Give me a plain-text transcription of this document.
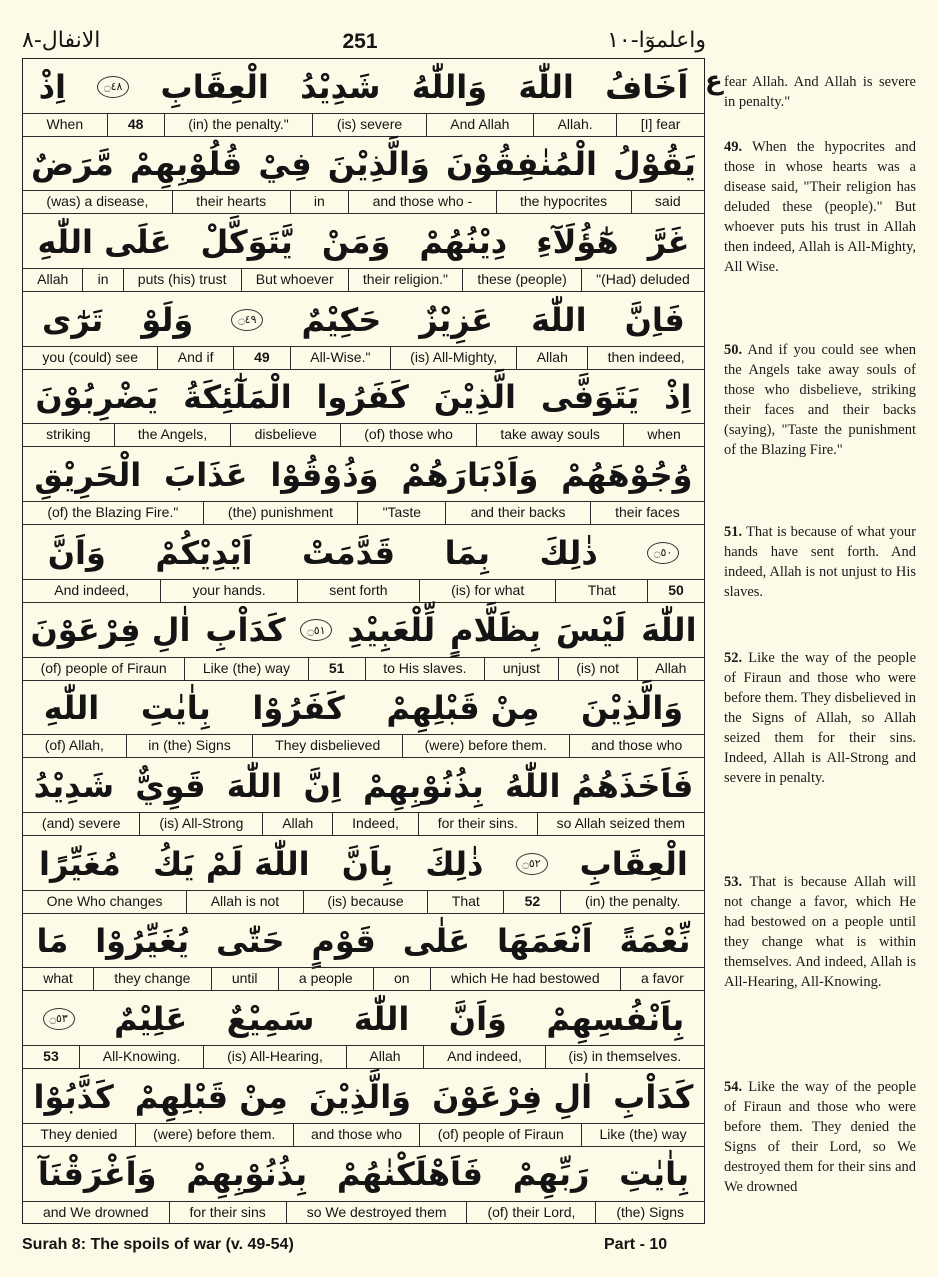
واعلموٓا-١٠
251
الانفال-٨
اَخَافُ
اللّٰهَ
وَاللّٰهُ
شَدِيْدُ
الْعِقَابِ
۝٤٨
اِذْ
[I] fear
Allah.
And Allah
(is) severe
(in) the penalty."
48
When
يَقُوْلُ
الْمُنٰفِقُوْنَ
وَالَّذِيْنَ
فِيْ
قُلُوْبِهِمْ
مَّرَضٌ
said
the hypocrites
and those who -
in
their hearts
(was) a disease,
غَرَّ
هٰٓؤُلَآءِ
دِيْنُهُمْ
وَمَنْ
يَّتَوَكَّلْ
عَلَى اللّٰهِ
"(Had) deluded
these (people)
their religion."
But whoever
puts (his) trust
in
Allah
فَاِنَّ
اللّٰهَ
عَزِيْزٌ
حَكِيْمٌ
۝٤٩
وَلَوْ
تَرٰٓى
then indeed,
Allah
(is) All-Mighty,
All-Wise."
49
And if
you (could) see
اِذْ
يَتَوَفَّى
الَّذِيْنَ
كَفَرُوا
الْمَلٰٓئِكَةُ
يَضْرِبُوْنَ
when
take away souls
(of) those who
disbelieve
the Angels,
striking
وُجُوْهَهُمْ
وَاَدْبَارَهُمْ
وَذُوْقُوْا
عَذَابَ
الْحَرِيْقِ
their faces
and their backs
"Taste
(the) punishment
(of) the Blazing Fire."
۝٥٠
ذٰلِكَ
بِمَا
قَدَّمَتْ
اَيْدِيْكُمْ
وَاَنَّ
50
That
(is) for what
sent forth
your hands.
And indeed,
اللّٰهَ
لَيْسَ
بِظَلَّامٍ
لِّلْعَبِيْدِ
۝٥١
كَدَاْبِ
اٰلِ فِرْعَوْنَ
Allah
(is) not
unjust
to His slaves.
51
Like (the) way
(of) people of Firaun
وَالَّذِيْنَ
مِنْ قَبْلِهِمْ
كَفَرُوْا
بِاٰيٰتِ
اللّٰهِ
and those who
(were) before them.
They disbelieved
in (the) Signs
(of) Allah,
فَاَخَذَهُمُ اللّٰهُ
بِذُنُوْبِهِمْ
اِنَّ
اللّٰهَ
قَوِيٌّ
شَدِيْدُ
so Allah seized them
for their sins.
Indeed,
Allah
(is) All-Strong
(and) severe
الْعِقَابِ
۝٥٢
ذٰلِكَ
بِاَنَّ
اللّٰهَ لَمْ يَكُ
مُغَيِّرًا
(in) the penalty.
52
That
(is) because
Allah is not
One Who changes
نِّعْمَةً
اَنْعَمَهَا
عَلٰى
قَوْمٍ
حَتّٰى
يُغَيِّرُوْا
مَا
a favor
which He had bestowed
on
a people
until
they change
what
بِاَنْفُسِهِمْ
وَاَنَّ
اللّٰهَ
سَمِيْعٌ
عَلِيْمٌ
۝٥٣
(is) in themselves.
And indeed,
Allah
(is) All-Hearing,
All-Knowing.
53
كَدَاْبِ
اٰلِ فِرْعَوْنَ
وَالَّذِيْنَ
مِنْ قَبْلِهِمْ
كَذَّبُوْا
Like (the) way
(of) people of Firaun
and those who
(were) before them.
They denied
بِاٰيٰتِ
رَبِّهِمْ
فَاَهْلَكْنٰهُمْ
بِذُنُوْبِهِمْ
وَاَغْرَقْنَآ
(the) Signs
(of) their Lord,
so We destroyed them
for their sins
and We drowned
ع fear Allah. And Allah is severe in penalty."
49. When the hypocrites and those in whose hearts was a disease said, "Their religion has deluded these (people)." But whoever puts his trust in Allah then indeed, Allah is All-Mighty, All Wise.
50. And if you could see when the Angels take away souls of those who disbelieve, striking their faces and their backs (saying), "Taste the punishment of the Blazing Fire."
51. That is because of what your hands have sent forth. And indeed, Allah is not unjust to His slaves.
52. Like the way of the people of Firaun and those who were before them. They disbelieved in the Signs of Allah, so Allah seized them for their sins. Indeed, Allah is All-Strong and severe in penalty.
53. That is because Allah will not change a favor, which He had bestowed on a people until they change what is within themselves. And indeed, Allah is All-Hearing, All-Knowing.
54. Like the way of the people of Firaun and those who were before them. They denied the Signs of their Lord, so We destroyed them for their sins and We drowned
Surah 8: The spoils of war (v. 49-54)	Part - 10
